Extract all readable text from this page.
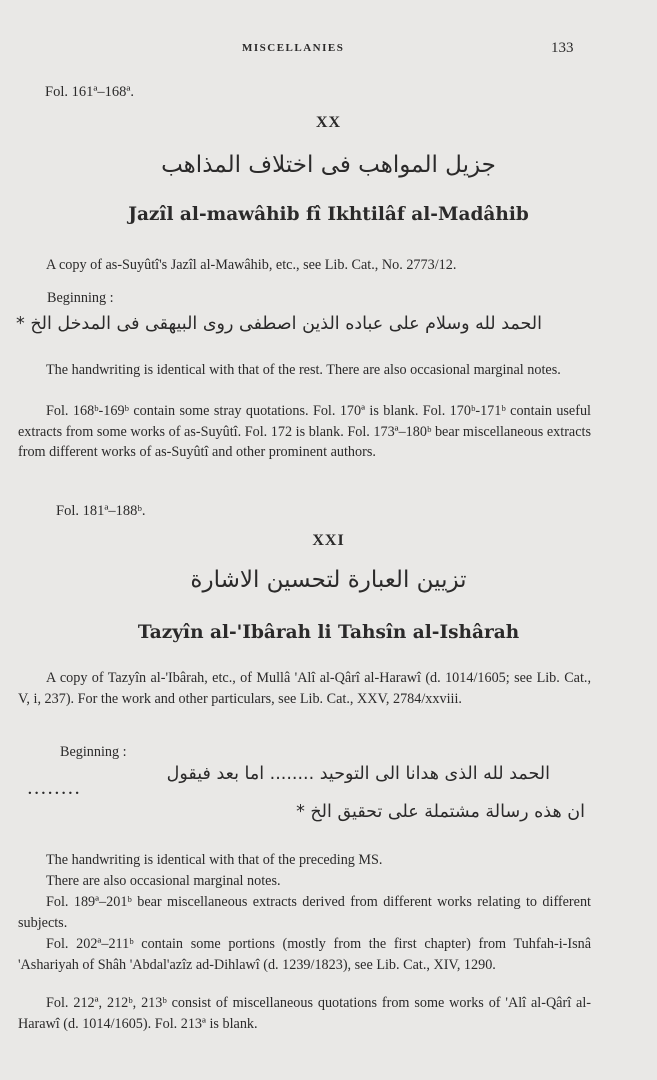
MISCELLANIES	133

Fol. 161ª–168ª.

XX

جزيل المواهب فى اختلاف المذاهب

Jazîl al-mawâhib fî Ikhtilâf al-Madâhib

A copy of as-Suyûtî's Jazîl al-Mawâhib, etc., see Lib. Cat., No. 2773/12.

Beginning :

الحمد لله وسلام على عباده الذين اصطفى روى البيهقى فى المدخل الخ *

The handwriting is identical with that of the rest. There are also occasional marginal notes.

Fol. 168ᵇ-169ᵇ contain some stray quotations. Fol. 170ª is blank. Fol. 170ᵇ-171ᵇ contain useful extracts from some works of as-Suyûtî. Fol. 172 is blank. Fol. 173ª–180ᵇ bear miscellaneous extracts from different works of as-Suyûtî and other prominent authors.

Fol. 181ª–188ᵇ.

XXI

تزيين العبارة لتحسين الاشارة

Tazyîn al-'Ibârah li Tahsîn al-Ishârah

A copy of Tazyîn al-'Ibârah, etc., of Mullâ 'Alî al-Qârî al-Harawî (d. 1014/1605; see Lib. Cat., V, i, 237). For the work and other particulars, see Lib. Cat., XXV, 2784/xxviii.

Beginning :

الحمد لله الذى هدانا الى التوحيد ........ اما بعد فيقول

........

ان هذه رسالة مشتملة على تحقيق الخ *

The handwriting is identical with that of the preceding MS.

There are also occasional marginal notes.

Fol. 189ª–201ᵇ bear miscellaneous extracts derived from different works relating to different subjects.

Fol. 202ª–211ᵇ contain some portions (mostly from the first chapter) from Tuhfah-i-Isnâ 'Ashariyah of Shâh 'Abdal'azîz ad-Dihlawî (d. 1239/1823), see Lib. Cat., XIV, 1290.

Fol. 212ª, 212ᵇ, 213ᵇ consist of miscellaneous quotations from some works of 'Alî al-Qârî al-Harawî (d. 1014/1605). Fol. 213ª is blank.
